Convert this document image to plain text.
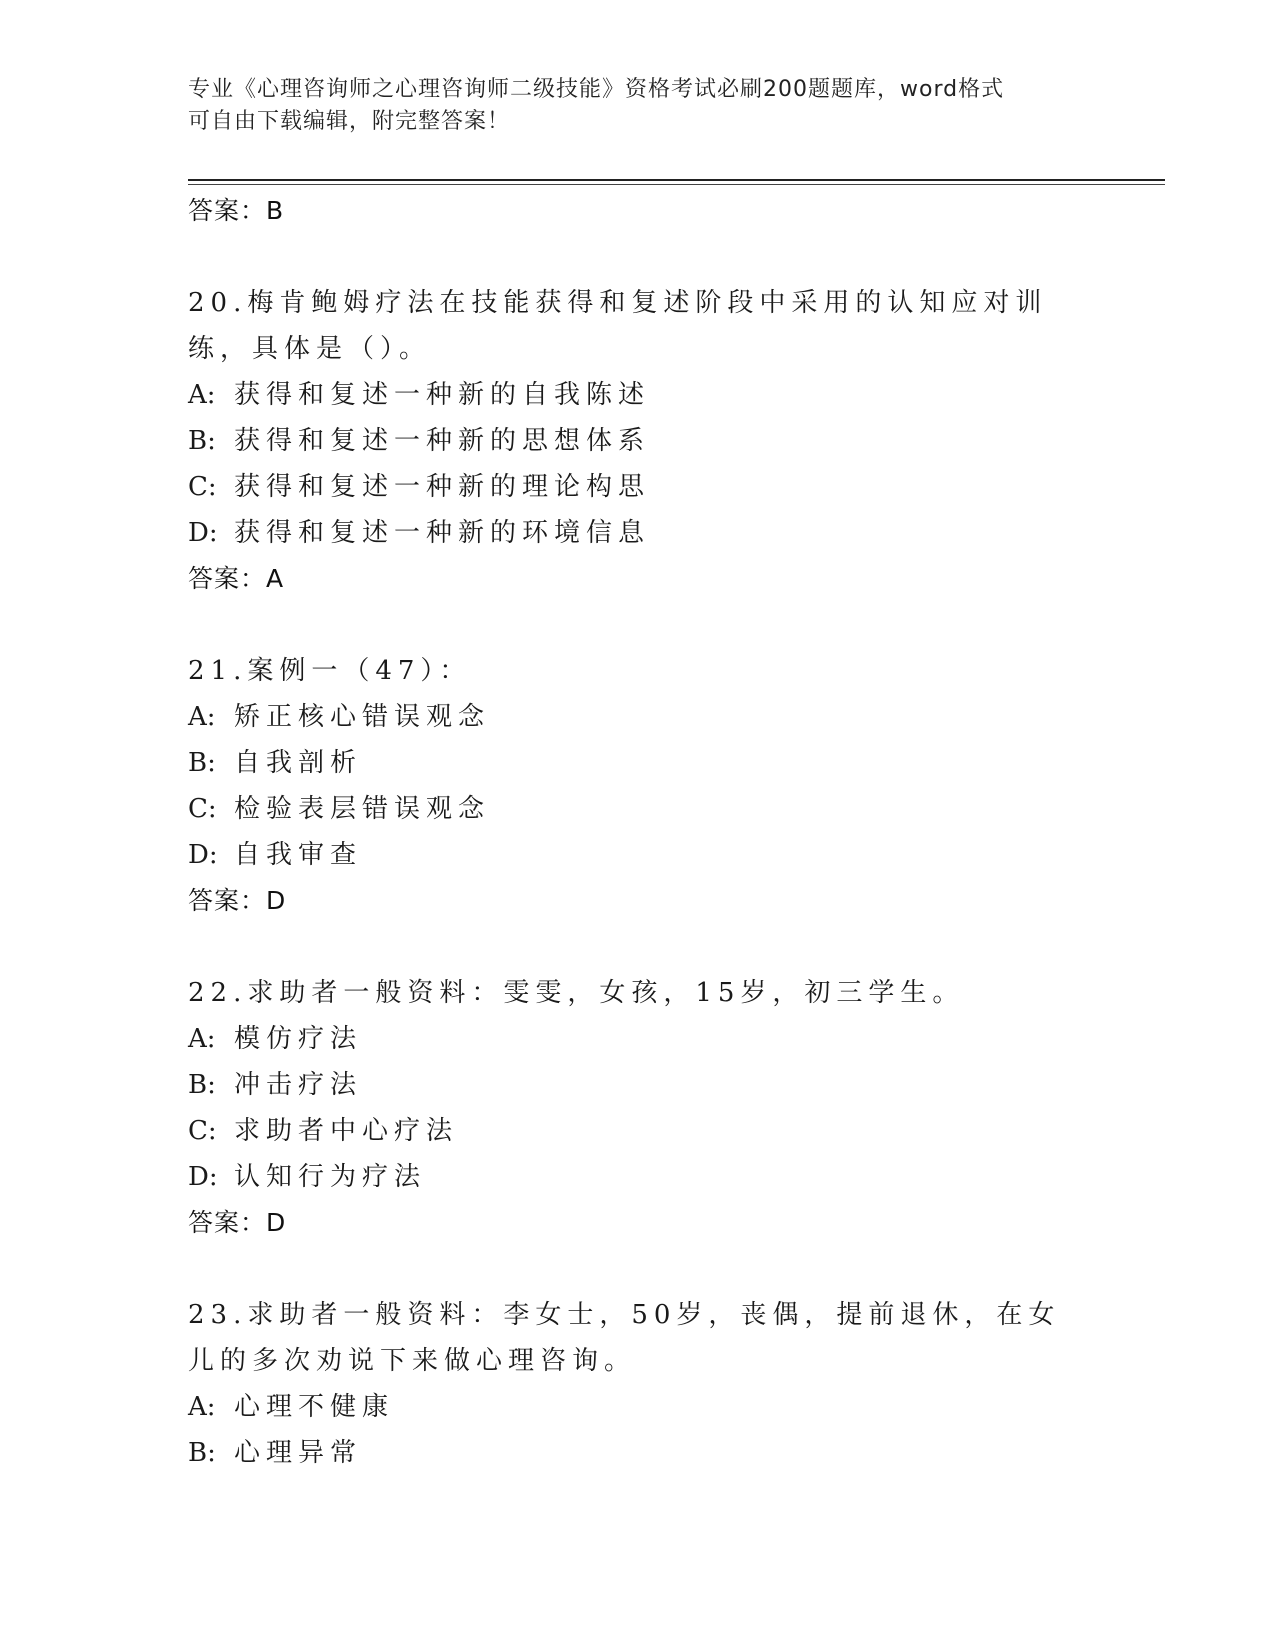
专业《心理咨询师之心理咨询师二级技能》资格考试必刷200题题库，word格式
可自由下载编辑，附完整答案！
答案：B
20.梅肯鲍姆疗法在技能获得和复述阶段中采用的认知应对训练，具体是（）。
A: 获得和复述一种新的自我陈述
B: 获得和复述一种新的思想体系
C: 获得和复述一种新的理论构思
D: 获得和复述一种新的环境信息
答案：A
21.案例一（47）：
A: 矫正核心错误观念
B: 自我剖析
C: 检验表层错误观念
D: 自我审查
答案：D
22.求助者一般资料：雯雯，女孩，15岁，初三学生。
A: 模仿疗法
B: 冲击疗法
C: 求助者中心疗法
D: 认知行为疗法
答案：D
23.求助者一般资料：李女士，50岁，丧偶，提前退休，在女儿的多次劝说下来做心理咨询。
A: 心理不健康
B: 心理异常
